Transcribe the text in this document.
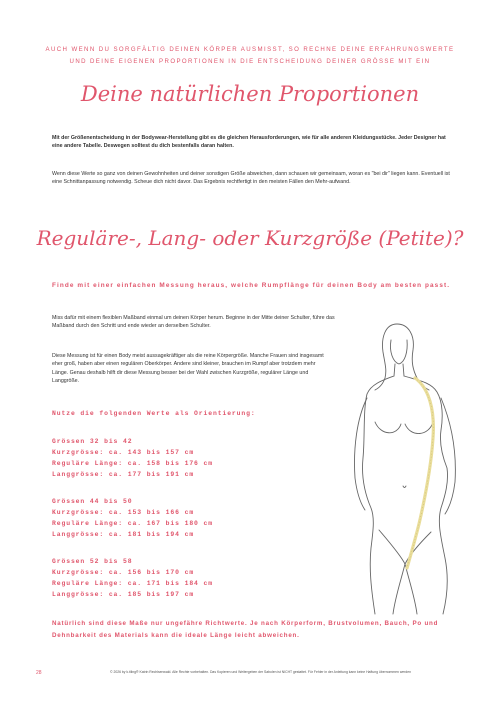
AUCH WENN DU SORGFÄLTIG DEINEN KÖRPER AUSMISST, SO RECHNE DEINE ERFAHRUNGSWERTE
UND DEINE EIGENEN PROPORTIONEN IN DIE ENTSCHEIDUNG DEINER GRÖSSE MIT EIN
Deine natürlichen Proportionen
Mit der Größenentscheidung in der Bodywear-Herstellung gibt es die gleichen Herausforderungen, wie für alle anderen Kleidungsstücke. Jeder Designer hat eine andere Tabelle. Deswegen solltest du dich bestenfalls daran halten.
Wenn diese Werte so ganz von deinen Gewohnheiten und deiner sonstigen Größe abweichen, dann schauen wir gemeinsam, woran es "bei dir" liegen kann. Eventuell ist eine Schnittanpassung notwendig. Scheue dich nicht davor. Das Ergebnis rechtfertigt in den meisten Fällen den Mehr-aufwand.
Reguläre-, Lang- oder Kurzgröße (Petite)?
Finde mit einer einfachen Messung heraus, welche Rumpflänge für deinen Body am besten passt.
Miss dafür mit einem flexiblen Maßband einmal um deinen Körper herum. Beginne in der Mitte deiner Schulter, führe das Maßband durch den Schritt und ende wieder an derselben Schulter.
Diese Messung ist für einen Body meist aussagekräftiger als die reine Körpergröße. Manche Frauen sind insgesamt eher groß, haben aber einen regulären Oberkörper. Andere sind kleiner, brauchen im Rumpf aber trotzdem mehr Länge. Genau deshalb hilft dir diese Messung besser bei der Wahl zwischen Kurzgröße, regulärer Länge und Langgröße.
Nutze die folgenden Werte als Orientierung:
Grössen 32 bis 42
Kurzgrösse: ca. 143 bis 157 cm
Reguläre Länge: ca. 158 bis 176 cm
Langgrösse: ca. 177 bis 191 cm
Grössen 44 bis 50
Kurzgrösse: ca. 153 bis 166 cm
Reguläre Länge: ca. 167 bis 180 cm
Langgrösse: ca. 181 bis 194 cm
Grössen 52 bis 58
Kurzgrösse: ca. 156 bis 170 cm
Reguläre Länge: ca. 171 bis 184 cm
Langgrösse: ca. 185 bis 197 cm
Natürlich sind diese Maße nur ungefähre Richtwerte. Je nach Körperform, Brustvolumen, Bauch, Po und Dehnbarkeit des Materials kann die ideale Länge leicht abweichen.
28	© 2026 by k.tiling® Katrin Rechlsenwald. Alle Rechte vorbehalten. Das Kopieren und Weitergeben der Sabolen ist NICHT gestattet. Für Fehler in der Anleitung kann keine Haftung übernommen werden
